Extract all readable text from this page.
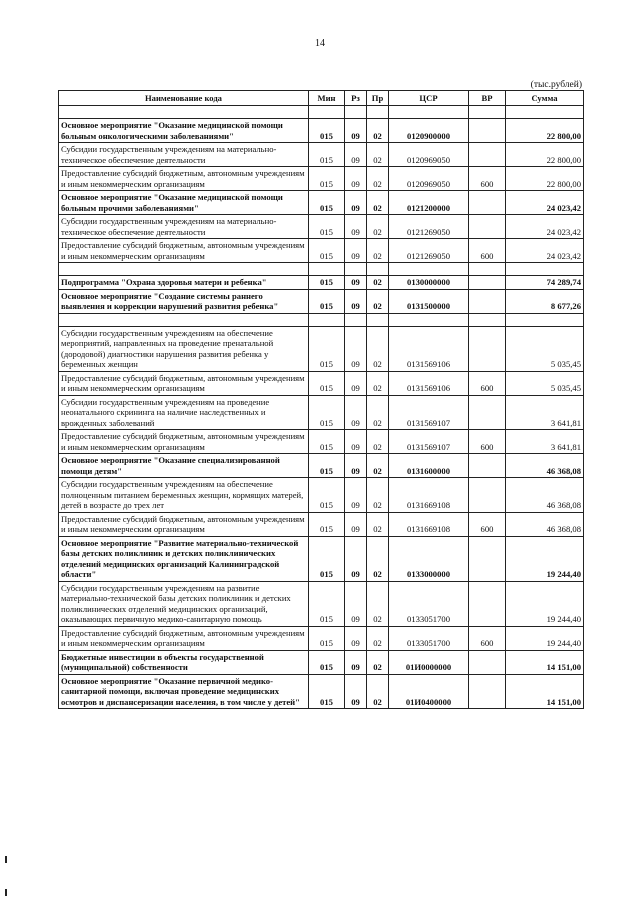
14
(тыс.рублей)
Наименование кода	Мин	Рз	Пр	ЦСР	ВР	Сумма

Основное мероприятие "Оказание медицинской помощи больным онкологическими заболеваниями"	015	09	02	0120900000		22 800,00
Субсидии государственным учреждениям на материально-техническое обеспечение деятельности	015	09	02	0120969050		22 800,00
Предоставление субсидий бюджетным, автономным учреждениям и иным некоммерческим организациям	015	09	02	0120969050	600	22 800,00
Основное мероприятие "Оказание медицинской помощи больным прочими заболеваниями"	015	09	02	0121200000		24 023,42
Субсидии государственным учреждениям на материально-техническое обеспечение деятельности	015	09	02	0121269050		24 023,42
Предоставление субсидий бюджетным, автономным учреждениям и иным некоммерческим организациям	015	09	02	0121269050	600	24 023,42

Подпрограмма "Охрана здоровья матери и ребенка"	015	09	02	0130000000		74 289,74
Основное мероприятие "Создание системы раннего выявления и коррекции нарушений развития ребенка"	015	09	02	0131500000		8 677,26

Субсидии государственным учреждениям на обеспечение мероприятий, направленных на проведение пренатальной (дородовой) диагностики нарушения развития ребенка у беременных женщин	015	09	02	0131569106		5 035,45
Предоставление субсидий бюджетным, автономным учреждениям и иным некоммерческим организациям	015	09	02	0131569106	600	5 035,45
Субсидии государственным учреждениям на проведение неонатального скрининга на наличие наследственных и врожденных заболеваний	015	09	02	0131569107		3 641,81
Предоставление субсидий бюджетным, автономным учреждениям и иным некоммерческим организациям	015	09	02	0131569107	600	3 641,81
Основное мероприятие "Оказание специализированной помощи детям"	015	09	02	0131600000		46 368,08
Субсидии государственным учреждениям на обеспечение полноценным питанием беременных женщин, кормящих матерей, детей в возрасте до трех лет	015	09	02	0131669108		46 368,08
Предоставление субсидий бюджетным, автономным учреждениям и иным некоммерческим организациям	015	09	02	0131669108	600	46 368,08
Основное мероприятие "Развитие материально-технической базы детских поликлиник и детских поликлинических отделений медицинских организаций Калининградской области"	015	09	02	0133000000		19 244,40
Субсидии государственным учреждениям на развитие материально-технической базы детских поликлиник и детских поликлинических отделений медицинских организаций, оказывающих первичную медико-санитарную помощь	015	09	02	0133051700		19 244,40
Предоставление субсидий бюджетным, автономным учреждениям и иным некоммерческим организациям	015	09	02	0133051700	600	19 244,40
Бюджетные инвестиции в объекты государственной (муниципальной) собственности	015	09	02	01И0000000		14 151,00
Основное мероприятие "Оказание первичной медико-санитарной помощи, включая проведение медицинских осмотров и диспансеризации населения, в том числе у детей"	015	09	02	01И0400000		14 151,00
